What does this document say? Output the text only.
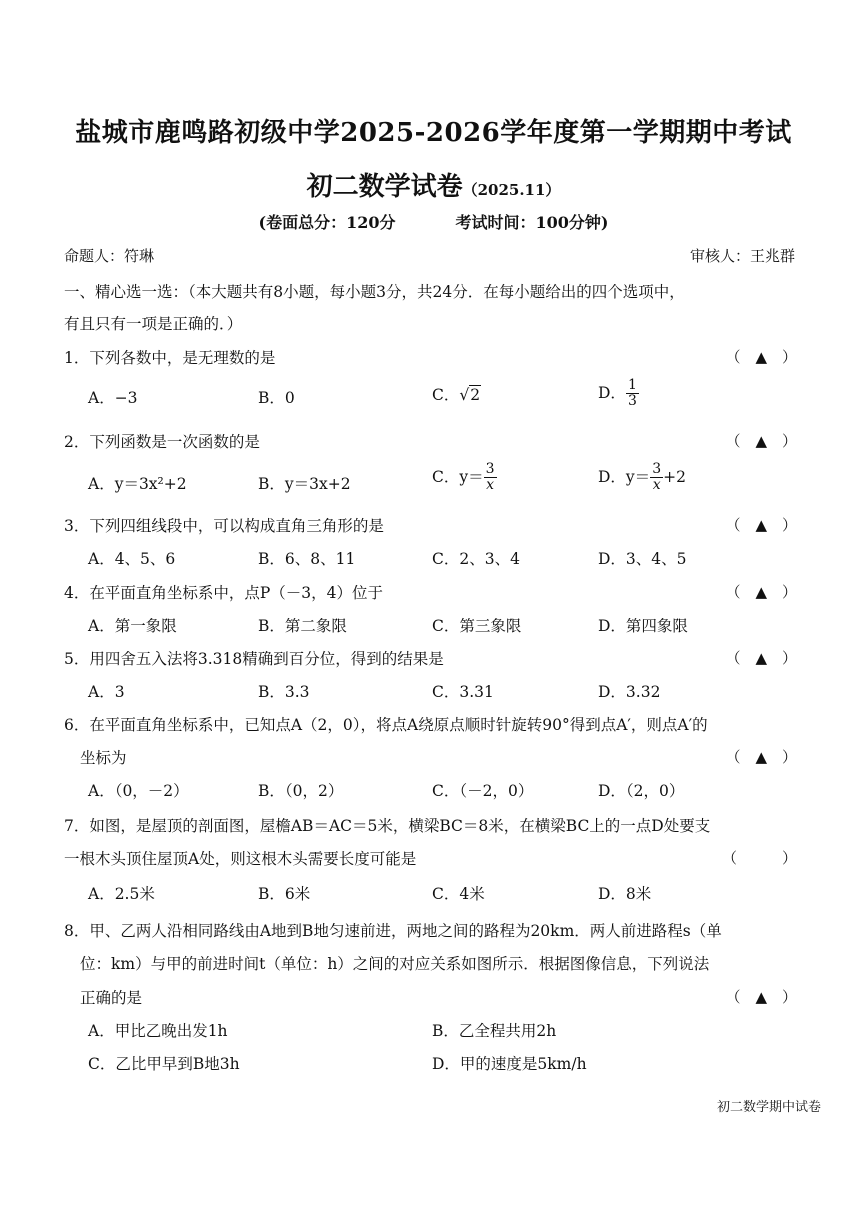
盐城市鹿鸣路初级中学2025-2026学年度第一学期期中考试
初二数学试卷（2025.11）
(卷面总分：120分	考试时间：100分钟)
命题人：符琳	审核人：王兆群
一、精心选一选：（本大题共有8小题，每小题3分，共24分．在每小题给出的四个选项中，
有且只有一项是正确的．）
1．下列各数中，是无理数的是	（　▲　）
A．−3	B．0	C．√2	D． $\frac{1}{3}$
2．下列函数是一次函数的是	（　▲　）
A．y＝3x²+2	B．y＝3x+2	C．$y= \frac{3}{x}$	D．$y= \frac{3}{x} +2$
3．下列四组线段中，可以构成直角三角形的是	（　▲　）
A．4、5、6	B．6、8、11	C．2、3、4	D．3、4、5
4．在平面直角坐标系中，点P（－3，4）位于	（　▲　）
A．第一象限	B．第二象限	C．第三象限	D．第四象限
5．用四舍五入法将3.318精确到百分位，得到的结果是	（　▲　）
A．3	B．3.3	C．3.31	D．3.32
6．在平面直角坐标系中，已知点A（2，0），将点A绕原点顺时针旋转90°得到点A′，则点A′的
坐标为	（　▲　）
A．（0，－2）	B．（0，2）	C．（－2，0）	D．（2，0）
7．如图，是屋顶的剖面图，屋檐AB＝AC＝5米，横梁BC＝8米，在横梁BC上的一点D处要支
一根木头顶住屋顶A处，则这根木头需要长度可能是	（　　　）
A．2.5米	B．6米	C．4米	D．8米
8．甲、乙两人沿相同路线由A地到B地匀速前进，两地之间的路程为20km．两人前进路程s（单
位：km）与甲的前进时间t（单位：h）之间的对应关系如图所示．根据图像信息，下列说法
正确的是	（　▲　）
A．甲比乙晚出发1h	B．乙全程共用2h
C．乙比甲早到B地3h	D．甲的速度是5km/h
初二数学期中试卷
